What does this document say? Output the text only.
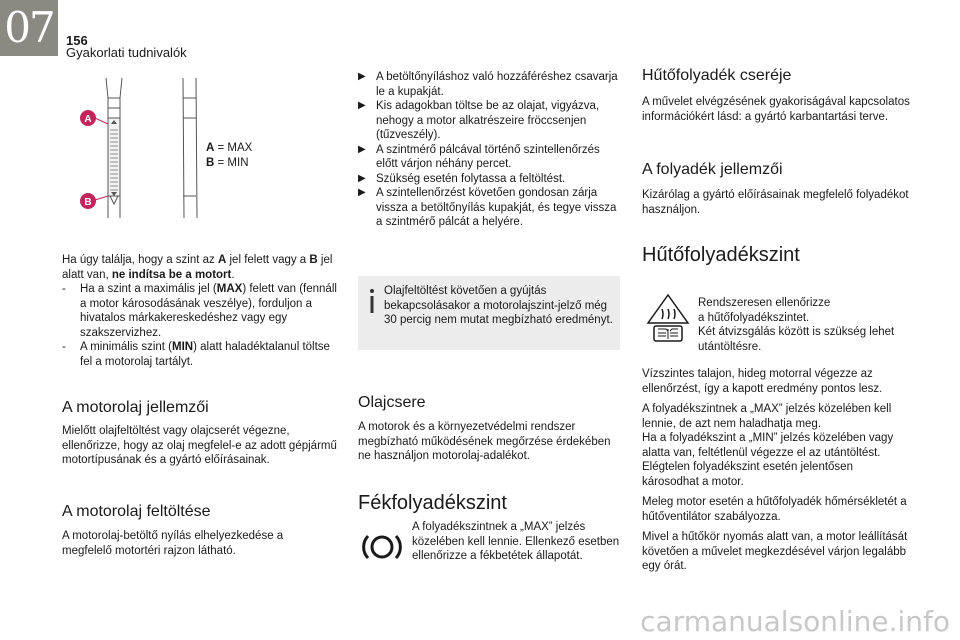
07 156
Gyakorlati tudnivalók
A
B
A = MAX
B = MIN

Ha úgy találja, hogy a szint az A jel felett vagy a B jel
alatt van, ne indítsa be a motort.

- Ha a szint a maximális jel (MAX) felett van (fennáll a motor károsodásának veszélye), forduljon a hivatalos márkakereskedéshez vagy egy szakszervizhez.
- A minimális szint (MIN) alatt haladéktalanul töltse fel a motorolaj tartályt.
A motorolaj jellemzői
Mielőtt olajfeltöltést vagy olajcserét végezne, ellenőrizze, hogy az olaj megfelel-e az adott gépjármű motortípusának és a gyártó előírásainak.
A motorolaj feltöltése
A motorolaj-betöltő nyílás elhelyezkedése a megfelelő motortéri rajzon látható.
▶ A betöltőnyíláshoz való hozzáféréshez csavarja le a kupakját.
▶ Kis adagokban töltse be az olajat, vigyázva, nehogy a motor alkatrészeire fröccsenjen (tűzveszély).
▶ A szintmérő pálcával történő szintellenőrzés előtt várjon néhány percet.
▶ Szükség esetén folytassa a feltöltést.
▶ A szintellenőrzést követően gondosan zárja vissza a betöltőnyílás kupakját, és tegye vissza a szintmérő pálcát a helyére.
Olajfeltöltést követően a gyújtás bekapcsolásakor a motorolajszint-jelző még 30 percig nem mutat megbízható eredményt.
Olajcsere
A motorok és a környezetvédelmi rendszer megbízható működésének megőrzése érdekében ne használjon motorolaj-adalékot.
Fékfolyadékszint
A folyadékszintnek a „MAX” jelzés közelében kell lennie. Ellenkező esetben ellenőrizze a fékbetétek állapotát.
Hűtőfolyadék cseréje
A művelet elvégzésének gyakoriságával kapcsolatos információkért lásd: a gyártó karbantartási terve.
A folyadék jellemzői
Kizárólag a gyártó előírásainak megfelelő folyadékot használjon.
Hűtőfolyadékszint
Rendszeresen ellenőrizze
a hűtőfolyadékszintet.
Két átvizsgálás között is szükség lehet utántöltésre.

Vízszintes talajon, hideg motorral végezze az ellenőrzést, így a kapott eredmény pontos lesz.

A folyadékszintnek a „MAX” jelzés közelében kell lennie, de azt nem haladhatja meg.

Ha a folyadékszint a „MIN” jelzés közelében vagy alatta van, feltétlenül végezze el az utántöltést.

Elégtelen folyadékszint esetén jelentősen károsodhat a motor.

Meleg motor esetén a hűtőfolyadék hőmérsékletét a hűtőventilátor szabályozza.

Mivel a hűtőkör nyomás alatt van, a motor leállítását követően a művelet megkezdésével várjon legalább egy órát.

carmanualsonline.info
